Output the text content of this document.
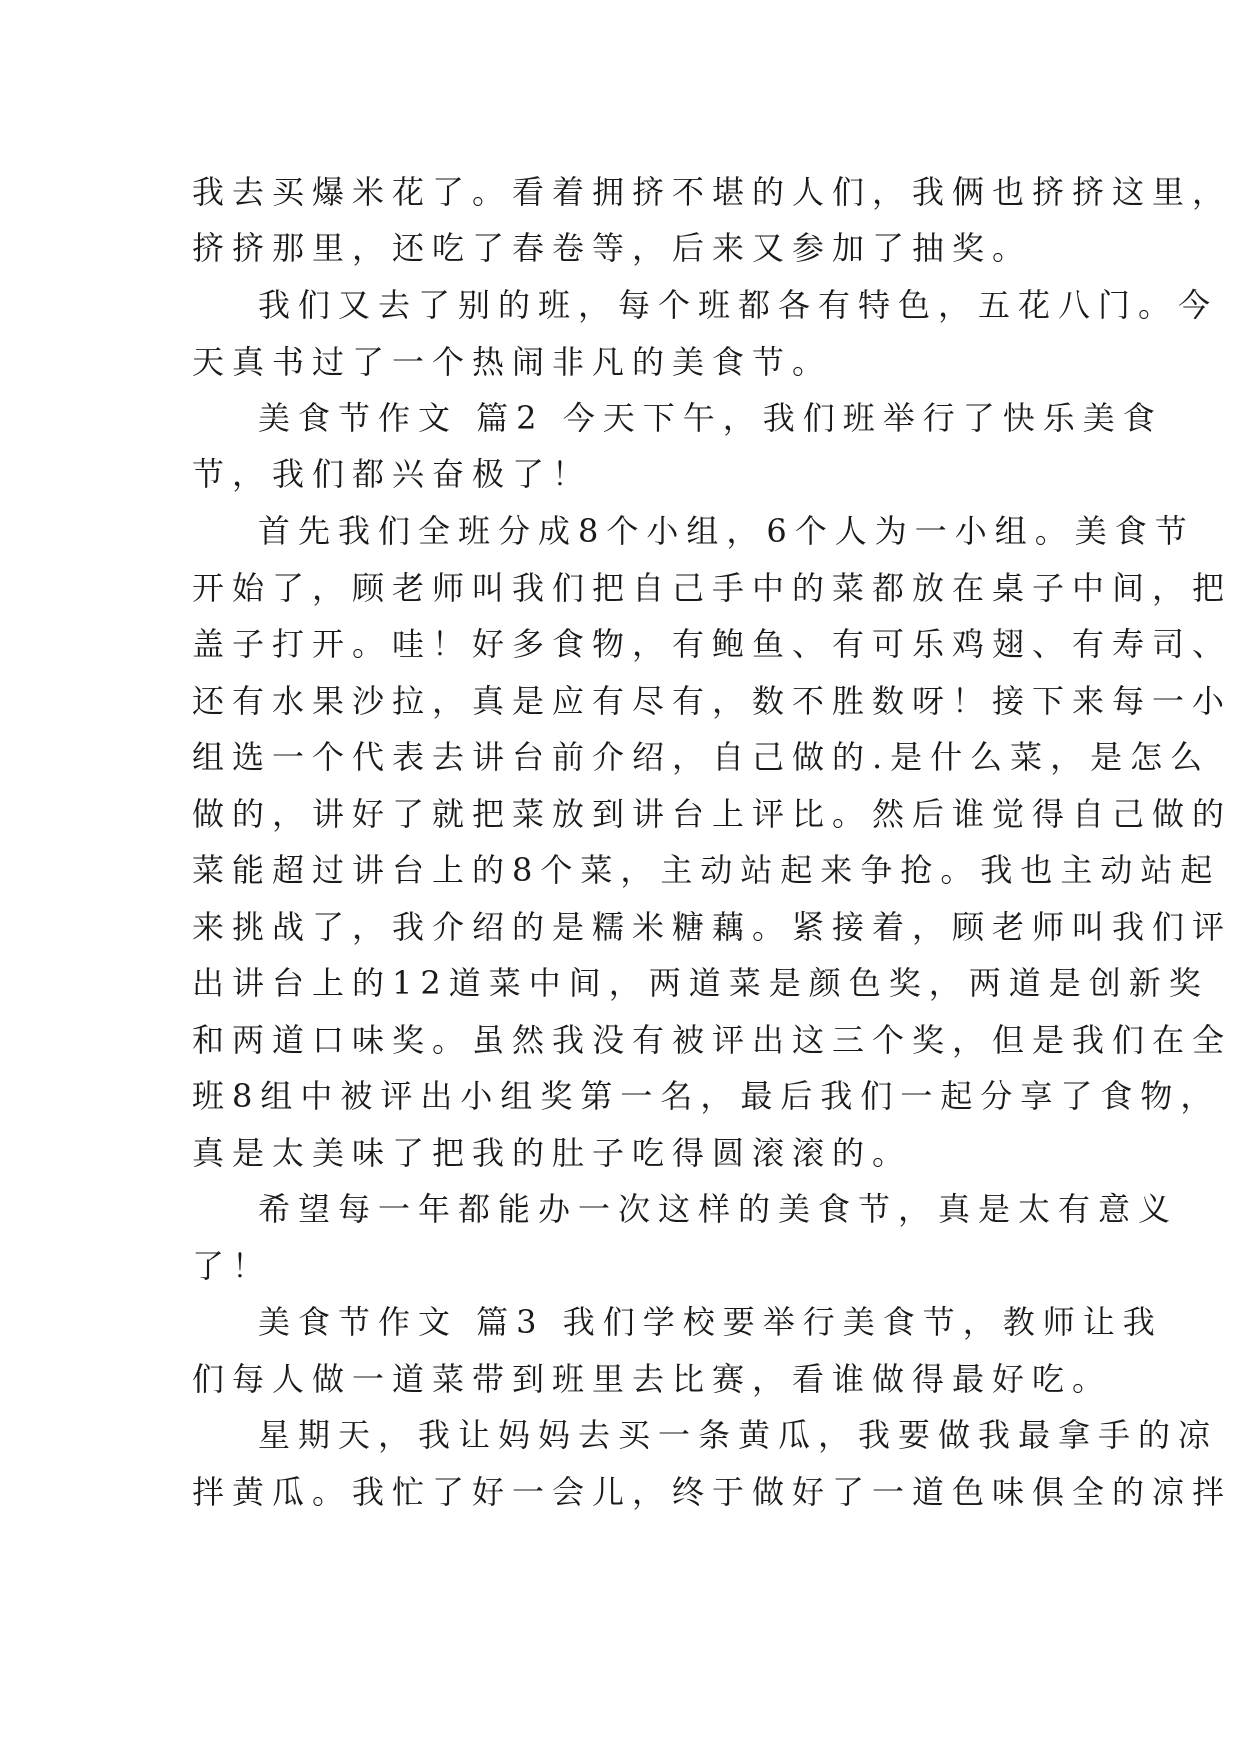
我去买爆米花了。看着拥挤不堪的人们，我俩也挤挤这里，
挤挤那里，还吃了春卷等，后来又参加了抽奖。
我们又去了别的班，每个班都各有特色，五花八门。今
天真书过了一个热闹非凡的美食节。
美食节作文 篇2 今天下午，我们班举行了快乐美食
节，我们都兴奋极了！
首先我们全班分成8个小组，6个人为一小组。美食节
开始了，顾老师叫我们把自己手中的菜都放在桌子中间，把
盖子打开。哇！好多食物，有鲍鱼、有可乐鸡翅、有寿司、
还有水果沙拉，真是应有尽有，数不胜数呀！接下来每一小
组选一个代表去讲台前介绍，自己做的.是什么菜，是怎么
做的，讲好了就把菜放到讲台上评比。然后谁觉得自己做的
菜能超过讲台上的8个菜，主动站起来争抢。我也主动站起
来挑战了，我介绍的是糯米糖藕。紧接着，顾老师叫我们评
出讲台上的12道菜中间，两道菜是颜色奖，两道是创新奖
和两道口味奖。虽然我没有被评出这三个奖，但是我们在全
班8组中被评出小组奖第一名，最后我们一起分享了食物，
真是太美味了把我的肚子吃得圆滚滚的。
希望每一年都能办一次这样的美食节，真是太有意义
了！
美食节作文 篇3 我们学校要举行美食节，教师让我
们每人做一道菜带到班里去比赛，看谁做得最好吃。
星期天，我让妈妈去买一条黄瓜，我要做我最拿手的凉
拌黄瓜。我忙了好一会儿，终于做好了一道色味俱全的凉拌
